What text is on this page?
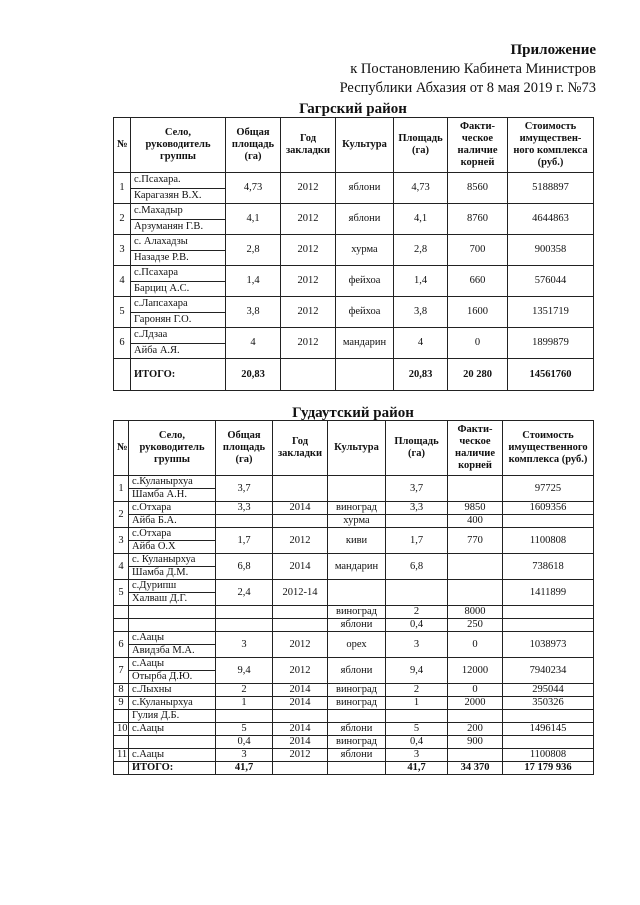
Приложение
к Постановлению Кабинета Министров
Республики Абхазия от 8 мая 2019 г. №73
Гагрский район
№	Село,
руководитель
группы	Общая
площадь
(га)	Год
закладки	Культура	Площадь
(га)	Факти-
ческое
наличие
корней	Стоимость
имуществен-
ного комплекса
(руб.)
1	с.Псахара.	4,73	2012	яблони	4,73	8560	5188897
	Карагазян В.Х.						
2	с.Махадыр	4,1	2012	яблони	4,1	8760	4644863
	Арзуманян Г.В.						
3	с. Алахадзы	2,8	2012	хурма	2,8	700	900358
	Назадзе Р.В.						
4	с.Псахара	1,4	2012	фейхоа	1,4	660	576044
	Барциц А.С.						
5	с.Лапсахара	3,8	2012	фейхоа	3,8	1600	1351719
	Гаронян Г.О.						
6	с.Лдзаа	4	2012	мандарин	4	0	1899879
	Айба А.Я.						
	ИТОГО:	20,83			20,83	20 280	14561760
Гудаутский район
№	Село,
руководитель
группы	Общая
площадь
(га)	Год
закладки	Культура	Площадь
(га)	Факти-
ческое
наличие
корней	Стоимость
имущественного
комплекса (руб.)
1	с.Куланырхуа	3,7			3,7		97725
	Шамба А.Н.						
2	с.Отхара	3,3	2014	виноград	3,3	9850	1609356
	Айба Б.А.			хурма		400	
3	с.Отхара	1,7	2012	киви	1,7	770	1100808
	Айба О.Х						
4	с. Куланырхуа	6,8	2014	мандарин	6,8		738618
	Шамба Д.М.						
5	с.Дурипш	2,4	2012-14				1411899
	Халваш Д.Г.						
				виноград	2	8000	
				яблони	0,4	250	
6	с.Аацы	3	2012	орех	3	0	1038973
	Авидзба М.А.						
7	с.Аацы	9,4	2012	яблони	9,4	12000	7940234
	Отырба Д.Ю.						
8	с.Лыхны	2	2014	виноград	2	0	295044
9	с.Куланырхуа	1	2014	виноград	1	2000	350326
	Гулия Д.Б.						
10	с.Аацы	5	2014	яблони	5	200	1496145
		0,4	2014	виноград	0,4	900	
11	с.Аацы	3	2012	яблони	3		1100808
	ИТОГО:	41,7			41,7	34 370	17 179 936
